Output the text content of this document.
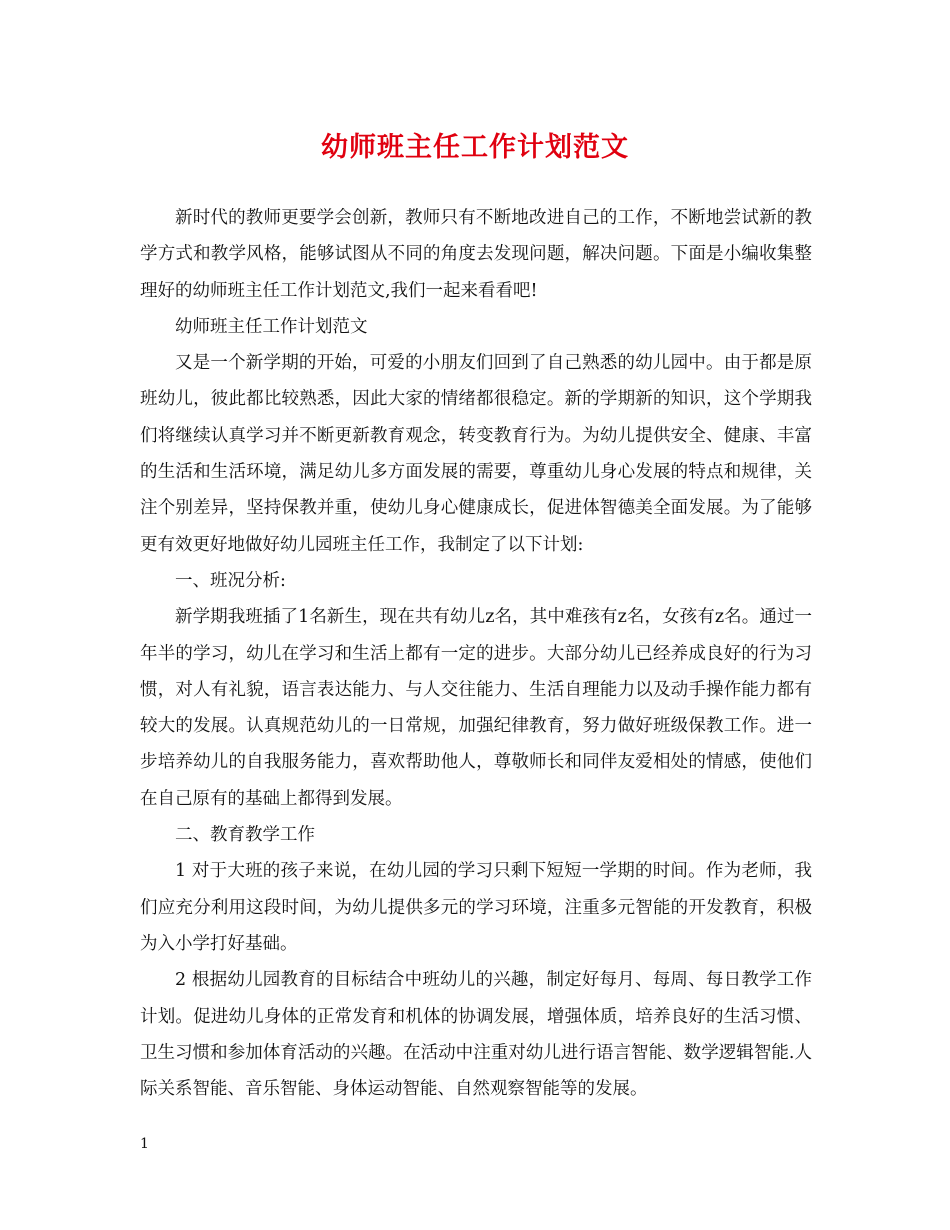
幼师班主任工作计划范文

新时代的教师更要学会创新，教师只有不断地改进自己的工作，不断地尝试新的教学方式和教学风格，能够试图从不同的角度去发现问题，解决问题。下面是小编收集整理好的幼师班主任工作计划范文,我们一起来看看吧!

幼师班主任工作计划范文

又是一个新学期的开始，可爱的小朋友们回到了自己熟悉的幼儿园中。由于都是原班幼儿，彼此都比较熟悉，因此大家的情绪都很稳定。新的学期新的知识，这个学期我们将继续认真学习并不断更新教育观念，转变教育行为。为幼儿提供安全、健康、丰富的生活和生活环境，满足幼儿多方面发展的需要，尊重幼儿身心发展的特点和规律，关注个别差异，坚持保教并重，使幼儿身心健康成长，促进体智德美全面发展。为了能够更有效更好地做好幼儿园班主任工作，我制定了以下计划:

一、班况分析:

新学期我班插了1名新生，现在共有幼儿z名，其中难孩有z名，女孩有z名。通过一年半的学习，幼儿在学习和生活上都有一定的进步。大部分幼儿已经养成良好的行为习惯，对人有礼貌，语言表达能力、与人交往能力、生活自理能力以及动手操作能力都有较大的发展。认真规范幼儿的一日常规，加强纪律教育，努力做好班级保教工作。进一步培养幼儿的自我服务能力，喜欢帮助他人，尊敬师长和同伴友爱相处的情感，使他们在自己原有的基础上都得到发展。

二、教育教学工作

1 对于大班的孩子来说，在幼儿园的学习只剩下短短一学期的时间。作为老师，我们应充分利用这段时间，为幼儿提供多元的学习环境，注重多元智能的开发教育，积极为入小学打好基础。

2 根据幼儿园教育的目标结合中班幼儿的兴趣，制定好每月、每周、每日教学工作计划。促进幼儿身体的正常发育和机体的协调发展，增强体质，培养良好的生活习惯、卫生习惯和参加体育活动的兴趣。在活动中注重对幼儿进行语言智能、数学逻辑智能.人际关系智能、音乐智能、身体运动智能、自然观察智能等的发展。

1
